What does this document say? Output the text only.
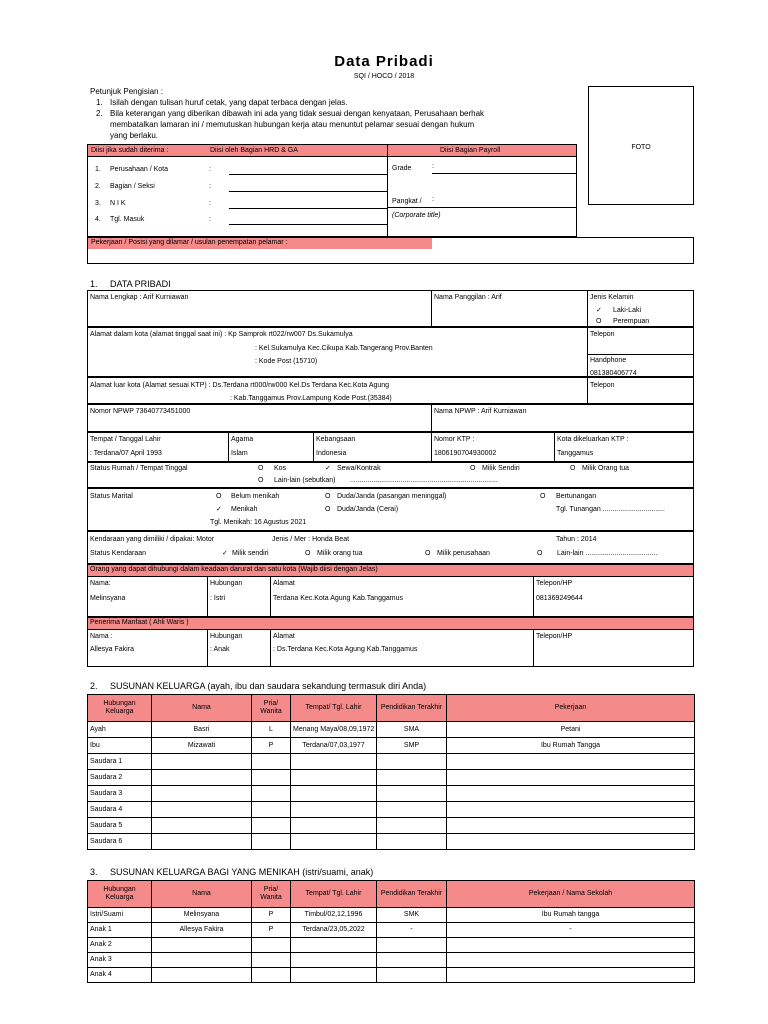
Data Pribadi
SQI / HOCO / 2018
Petunjuk Pengisian :
1. Isilah dengan tulisan huruf cetak, yang dapat terbaca dengan jelas.
2. Bila keterangan yang diberikan dibawah ini ada yang tidak sesuai dengan kenyataan, Perusahaan berhak
membatalkan lamaran ini / memutuskan hubungan kerja atau menuntut pelamar sesuai dengan hukum
yang berlaku.
FOTO
Diisi jika sudah diterima :	Diisi oleh Bagian HRD & GA	Diisi Bagian Payroll
1. Perusahaan / Kota	:
2. Bagian / Seksi	:
3. N I K	:
4. Tgl. Masuk	:
Grade	:
Pangkat / :
(Corporate title)
Pekerjaan / Posisi yang dilamar / usulan penempatan pelamar :
1. DATA PRIBADI
Nama Lengkap : Arif Kurniawan	Nama Panggilan : Arif	Jenis Kelamin
✓ Laki-Laki
O Perempuan
Alamat dalam kota (alamat tinggal saat ini) : Kp Samprok rt022/rw007 Ds.Sukamulya
: Kel.Sukamulya Kec.Cikupa Kab.Tangerang Prov.Banten
: Kode Post (15710)
Telepon
Handphone
081380406774
Alamat luar kota (Alamat sesuai KTP) : Ds.Terdana rt000/rw000 Kel.Ds Terdana Kec.Kota Agung
: Kab.Tanggamus Prov.Lampung Kode Post.(35384)
Telepon
Nomor NPWP 73640773451000	Nama NPWP : Arif Kurniawan
Tempat / Tanggal Lahir
: Terdana/07 April 1993
Agama
Islam
Kebangsaan
Indonesia
Nomor KTP :
1806190704930002
Kota dikeluarkan KTP :
Tanggamus
Status Rumah / Tempat Tinggal	O Kos	✓ Sewa/Kontrak	O Milik Sendiri	O Milik Orang tua
O Lain-lain (sebutkan) ............................................................................
Status Marital	O Belum menikah	O Duda/Janda (pasangan meninggal)	O Bertunangan
✓ Menikah	O Duda/Janda (Cerai)	Tgl. Tunangan ................................
Tgl. Menikah: 16 Agustus 2021
Kendaraan yang dimiliki / dipakai: Motor	Jenis / Mer : Honda Beat	Tahun : 2014
Status Kendaraan	✓ Milik sendiri	O Milik orang tua	O Milik perusahaan	O Lain-lain .....................................
Orang yang dapat dihubungi dalam keadaan darurat dan satu kota (Wajib diisi dengan Jelas)
Nama:
Melinsyana
Hubungan
: Istri
Alamat
Terdana Kec.Kota Agung Kab.Tanggamus
Telepon/HP
081369249644
Penerima Manfaat ( Ahli Waris )
Nama :
Allesya Fakira
Hubungan
: Anak
Alamat
: Ds.Terdana Kec.Kota Agung Kab.Tanggamus
Telepon/HP
2. SUSUNAN KELUARGA (ayah, ibu dan saudara sekandung termasuk diri Anda)
Hubungan Keluarga	Nama	Pria/ Wanita	Tempat/ Tgl. Lahir	Pendidikan Terakhir	Pekerjaan
Ayah	Basri	L	Menang Maya/08,09,1972	SMA	Petani
Ibu	Mizawati	P	Terdana/07,03,1977	SMP	Ibu Rumah Tangga
Saudara 1					
Saudara 2					
Saudara 3					
Saudara 4					
Saudara 5					
Saudara 6					
3. SUSUNAN KELUARGA BAGI YANG MENIKAH (istri/suami, anak)
Hubungan Keluarga	Nama	Pria/ Wanita	Tempat/ Tgl. Lahir	Pendidikan Terakhir	Pekerjaan / Nama Sekolah
Istri/Suami	Melinsyana	P	Timbul/02,12,1996	SMK	Ibu Rumah tangga
Anak 1	Allesya Fakira	P	Terdana/23,05,2022	-	-
Anak 2					
Anak 3					
Anak 4					
